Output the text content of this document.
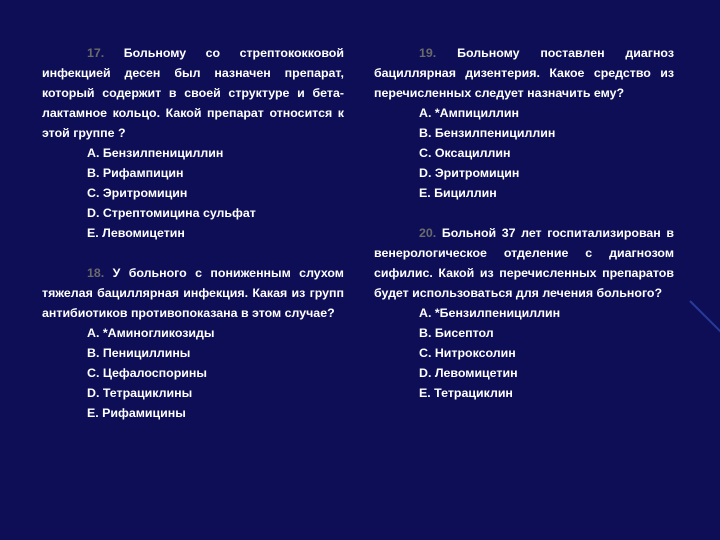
17. Больному со стрептококковой инфекцией десен был назначен препарат, который содержит в своей структуре и бета-лактамное кольцо. Какой препарат относится к этой группе ?

A. Бензилпенициллин

B. Рифампицин

C. Эритромицин

D. Стрептомицина сульфат

E. Левомицетин

18. У больного с пониженным слухом тяжелая бациллярная инфекция. Какая из групп антибиотиков противопоказана в этом случае?

A. *Аминогликозиды

B. Пенициллины

C. Цефалоспорины

D. Тетрациклины

E. Рифамицины

19. Больному поставлен диагноз бациллярная дизентерия. Какое средство из перечисленных следует назначить ему?

A. *Ампициллин

B. Бензилпенициллин

C. Оксациллин

D. Эритромицин

E. Бициллин

20. Больной 37 лет госпитализирован в венерологическое отделение с диагнозом сифилис. Какой из перечисленных препаратов будет использоваться для лечения больного?

A. *Бензилпенициллин

B. Бисептол

C. Нитроксолин

D. Левомицетин

E. Тетрациклин
